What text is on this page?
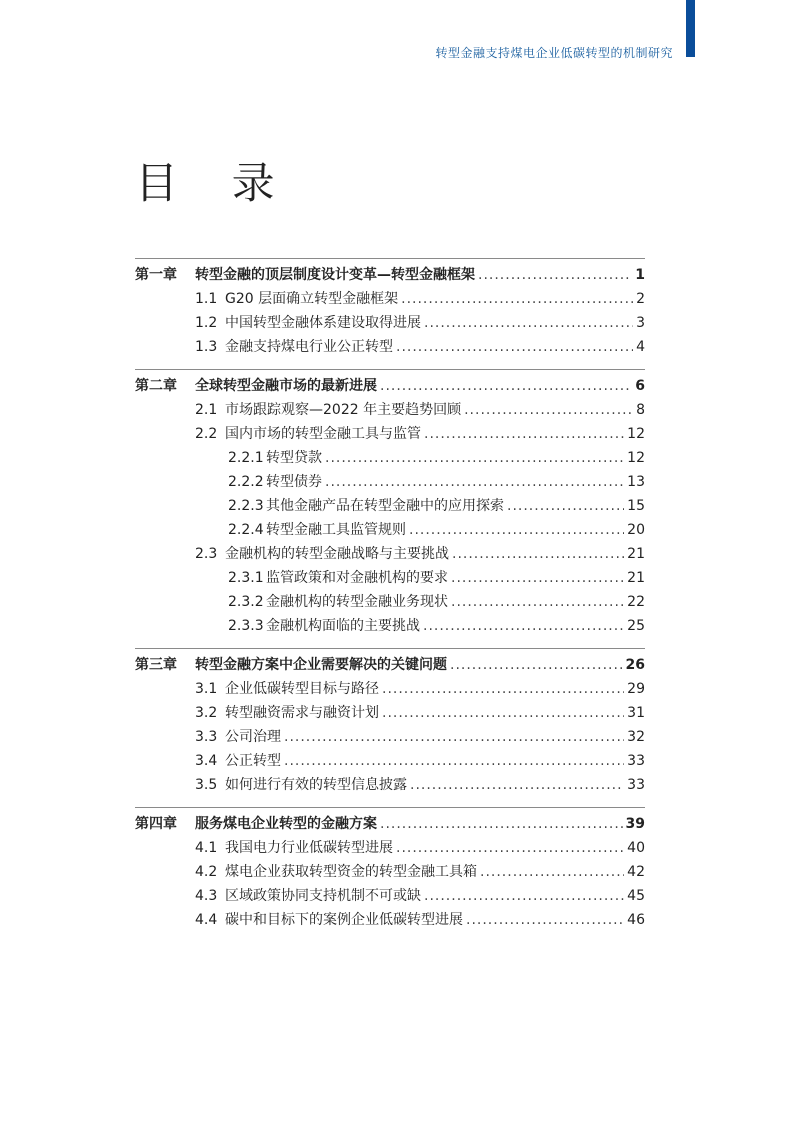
转型金融支持煤电企业低碳转型的机制研究
目 录
第一章	转型金融的顶层制度设计变革—转型金融框架 .....	1
1.1 G20 层面确立转型金融框架 .....	2
1.2 中国转型金融体系建设取得进展 .....	3
1.3 金融支持煤电行业公正转型 .....	4
第二章	全球转型金融市场的最新进展 .....	6
2.1 市场跟踪观察—2022 年主要趋势回顾 .....	8
2.2 国内市场的转型金融工具与监管 .....	12
2.2.1 转型贷款 .....	12
2.2.2 转型债券 .....	13
2.2.3 其他金融产品在转型金融中的应用探索 .....	15
2.2.4 转型金融工具监管规则 .....	20
2.3 金融机构的转型金融战略与主要挑战 .....	21
2.3.1 监管政策和对金融机构的要求 .....	21
2.3.2 金融机构的转型金融业务现状 .....	22
2.3.3 金融机构面临的主要挑战 .....	25
第三章	转型金融方案中企业需要解决的关键问题 .....	26
3.1 企业低碳转型目标与路径 .....	29
3.2 转型融资需求与融资计划 .....	31
3.3 公司治理 .....	32
3.4 公正转型 .....	33
3.5 如何进行有效的转型信息披露 .....	33
第四章	服务煤电企业转型的金融方案 .....	39
4.1 我国电力行业低碳转型进展 .....	40
4.2 煤电企业获取转型资金的转型金融工具箱 .....	42
4.3 区域政策协同支持机制不可或缺 .....	45
4.4 碳中和目标下的案例企业低碳转型进展 .....	46
